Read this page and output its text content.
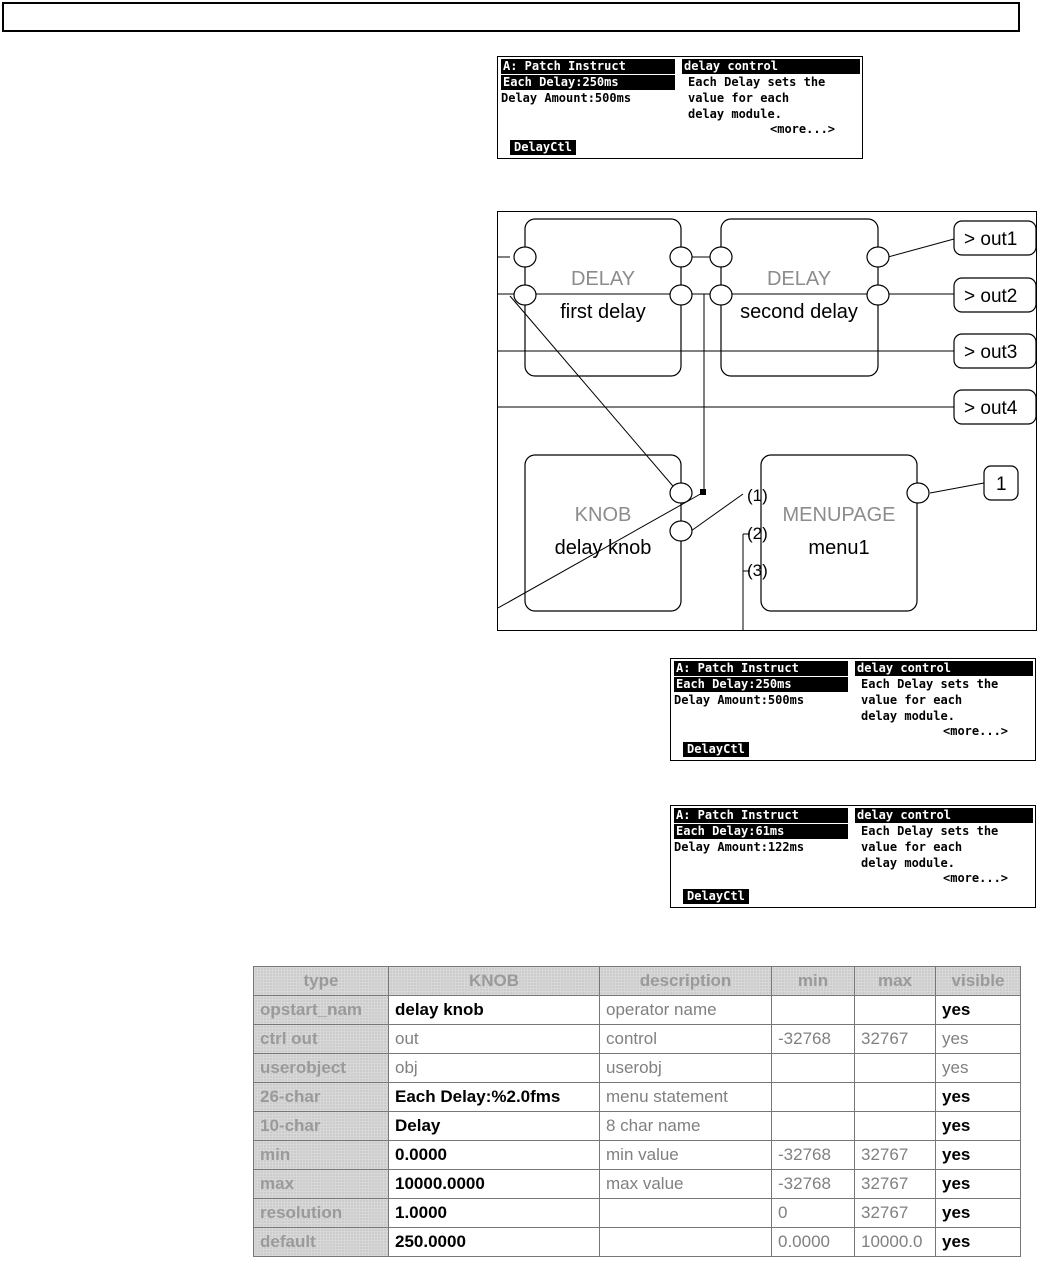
A: Patch Instruct	delay control
Each Delay:250ms
Delay Amount:500ms
Each Delay sets the
value for each
delay module.
<more...>
DelayCtl
DELAY
first delay
DELAY
second delay
KNOB
delay knob
MENUPAGE
menu1
> out1
> out2
> out3
> out4
1
(1)
(2)
(3)
A: Patch Instruct	delay control
Each Delay:250ms
Delay Amount:500ms
Each Delay sets the
value for each
delay module.
<more...>
DelayCtl
A: Patch Instruct	delay control
Each Delay:61ms
Delay Amount:122ms
Each Delay sets the
value for each
delay module.
<more...>
DelayCtl
type	KNOB	description	min	max	visible
opstart_nam	delay knob	operator name			yes
ctrl out	out	control	-32768	32767	yes
userobject	obj	userobj			yes
26-char	Each Delay:%2.0fms	menu statement			yes
10-char	Delay	8 char name			yes
min	0.0000	min value	-32768	32767	yes
max	10000.0000	max value	-32768	32767	yes
resolution	1.0000		0	32767	yes
default	250.0000		0.0000	10000.0	yes
